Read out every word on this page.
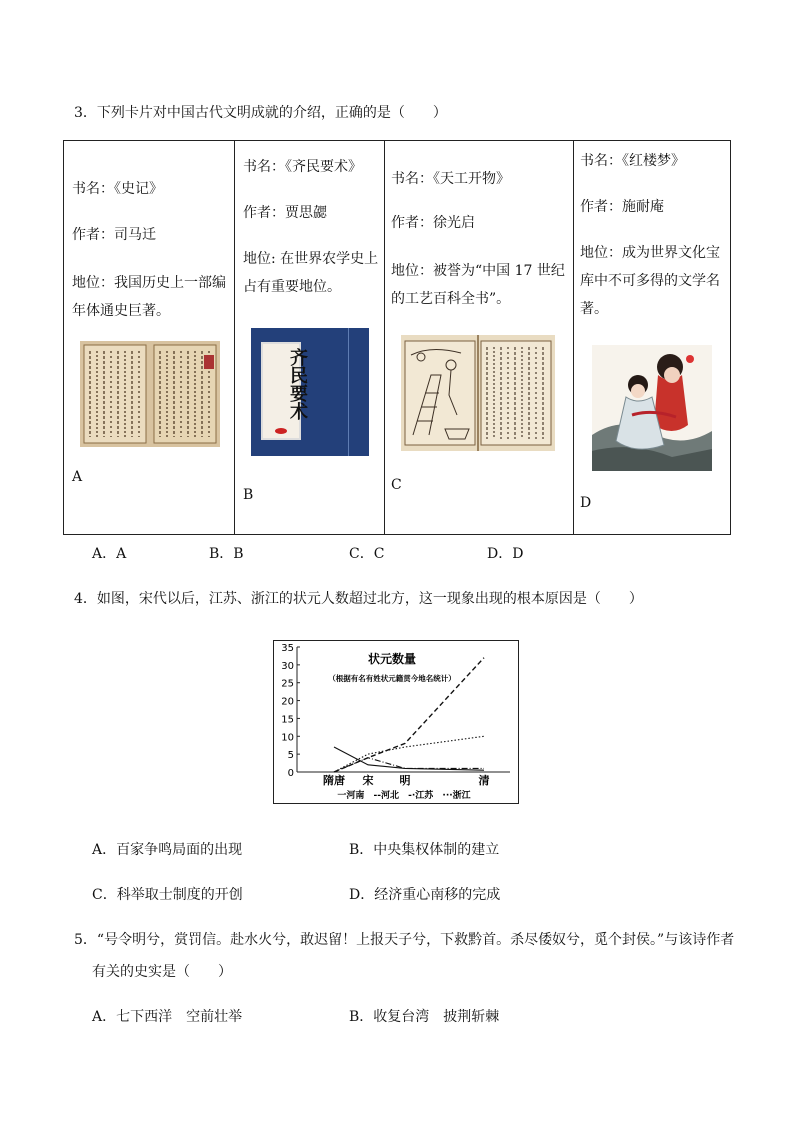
3．下列卡片对中国古代文明成就的介绍，正确的是（　　）
书名：《史记》
作者：司马迁
地位：我国历史上一部编年体通史巨著。
A

书名：《齐民要术》
作者：贾思勰
地位: 在世界农学史上占有重要地位。
齐民要术
B

书名：《天工开物》
作者：徐光启
地位：被誉为“中国 17 世纪的工艺百科全书”。
C

书名：《红楼梦》
作者：施耐庵
地位：成为世界文化宝库中不可多得的文学名著。
D
A．A	B．B	C．C	D．D
4．如图，宋代以后，江苏、浙江的状元人数超过北方，这一现象出现的根本原因是（　　）
状元数量
（根据有名有姓状元籍贯今地名统计）
0
5
10
15
20
25
30
35
隋唐 宋 明	清
一河南 --河北 -·江苏 ···浙江
A．百家争鸣局面的出现	B．中央集权体制的建立
C．科举取士制度的开创	D．经济重心南移的完成
5．“号令明兮，赏罚信。赴水火兮，敢迟留！上报天子兮，下救黔首。杀尽倭奴兮，觅个封侯。”与该诗作者
有关的史实是（　　）
A．七下西洋　空前壮举	B．收复台湾　披荆斩棘
